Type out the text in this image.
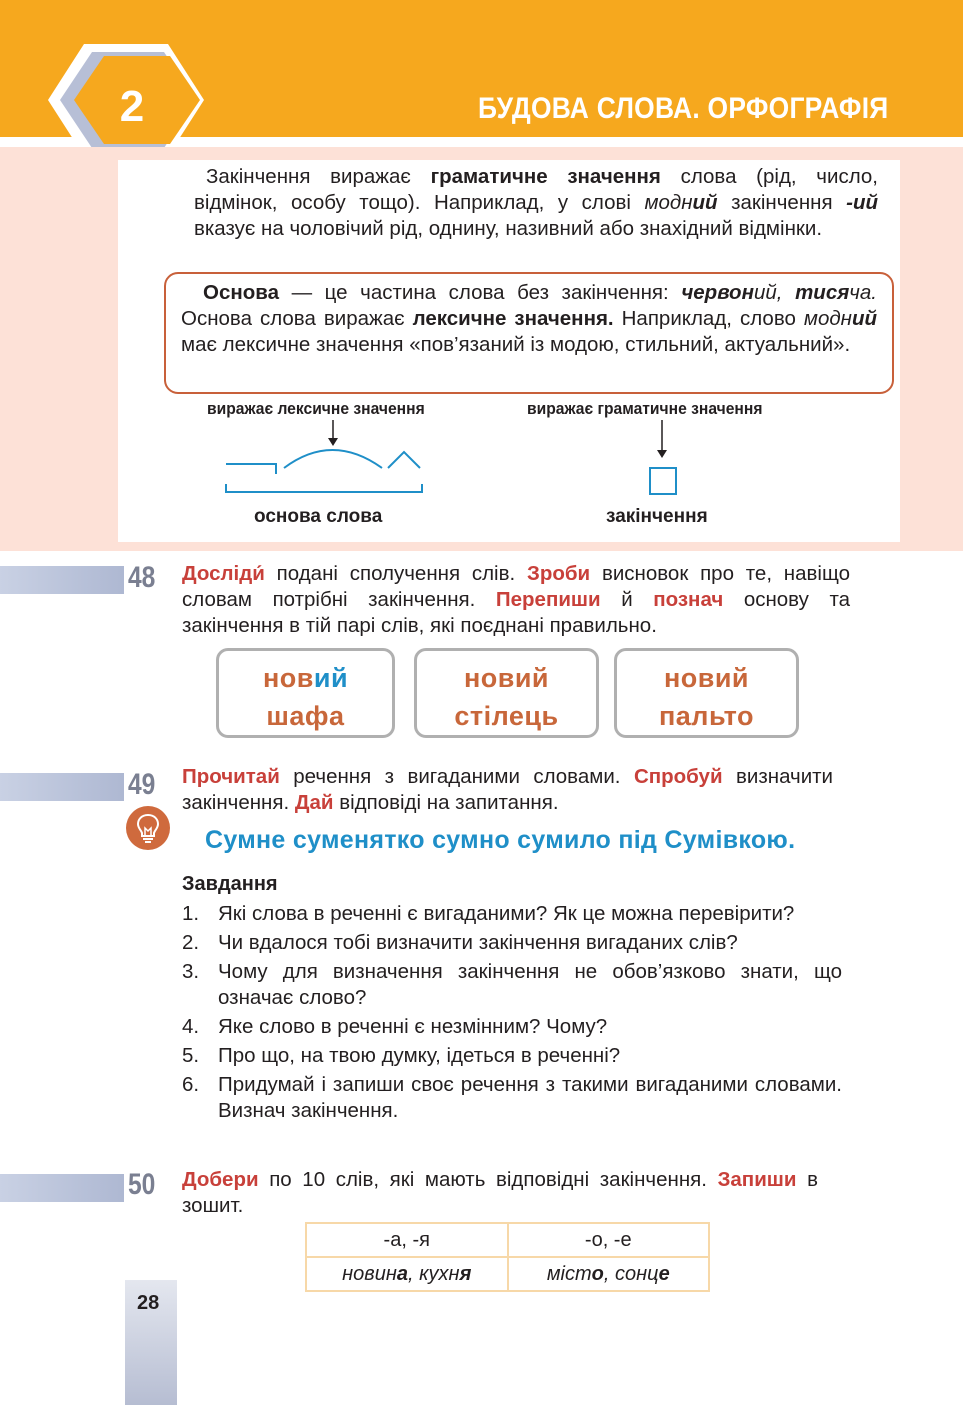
2	БУДОВА СЛОВА. ОРФОГРАФІЯ
Закінчення виражає граматичне значення слова (рід, число, відмінок, особу тощо). Наприклад, у слові модний закінчення -ий вказує на чоловічий рід, однину, називний або знахідний відмінки.
Основа — це частина слова без закінчення: червоний, тисяча. Основа слова виражає лексичне значення. Наприклад, слово модний має лексичне значення «пов’язаний із модою, стильний, актуальний».
виражає лексичне значення	виражає граматичне значення
основа слова	закінчення
48 Досліди́ подані сполучення слів. Зроби висновок про те, навіщо словам потрібні закінчення. Перепиши й познач основу та закінчення в тій парі слів, які поєднані правильно.
новий
шафа
новий
стілець
новий
пальто
49 Прочитай речення з вигаданими словами. Спробуй визначити закінчення. Дай відповіді на запитання.
Сумне суменятко сумно сумило під Сумівкою.
Завдання
1. Які слова в реченні є вигаданими? Як це можна перевірити?
2. Чи вдалося тобі визначити закінчення вигаданих слів?
3. Чому для визначення закінчення не обов’язково знати, що означає слово?
4. Яке слово в реченні є незмінним? Чому?
5. Про що, на твою думку, ідеться в реченні?
6. Придумай і запиши своє речення з такими вигаданими словами. Визнач закінчення.
50 Добери по 10 слів, які мають відповідні закінчення. Запиши в зошит.
-а, -я	-о, -е
новина, кухня	місто, сонце
28
